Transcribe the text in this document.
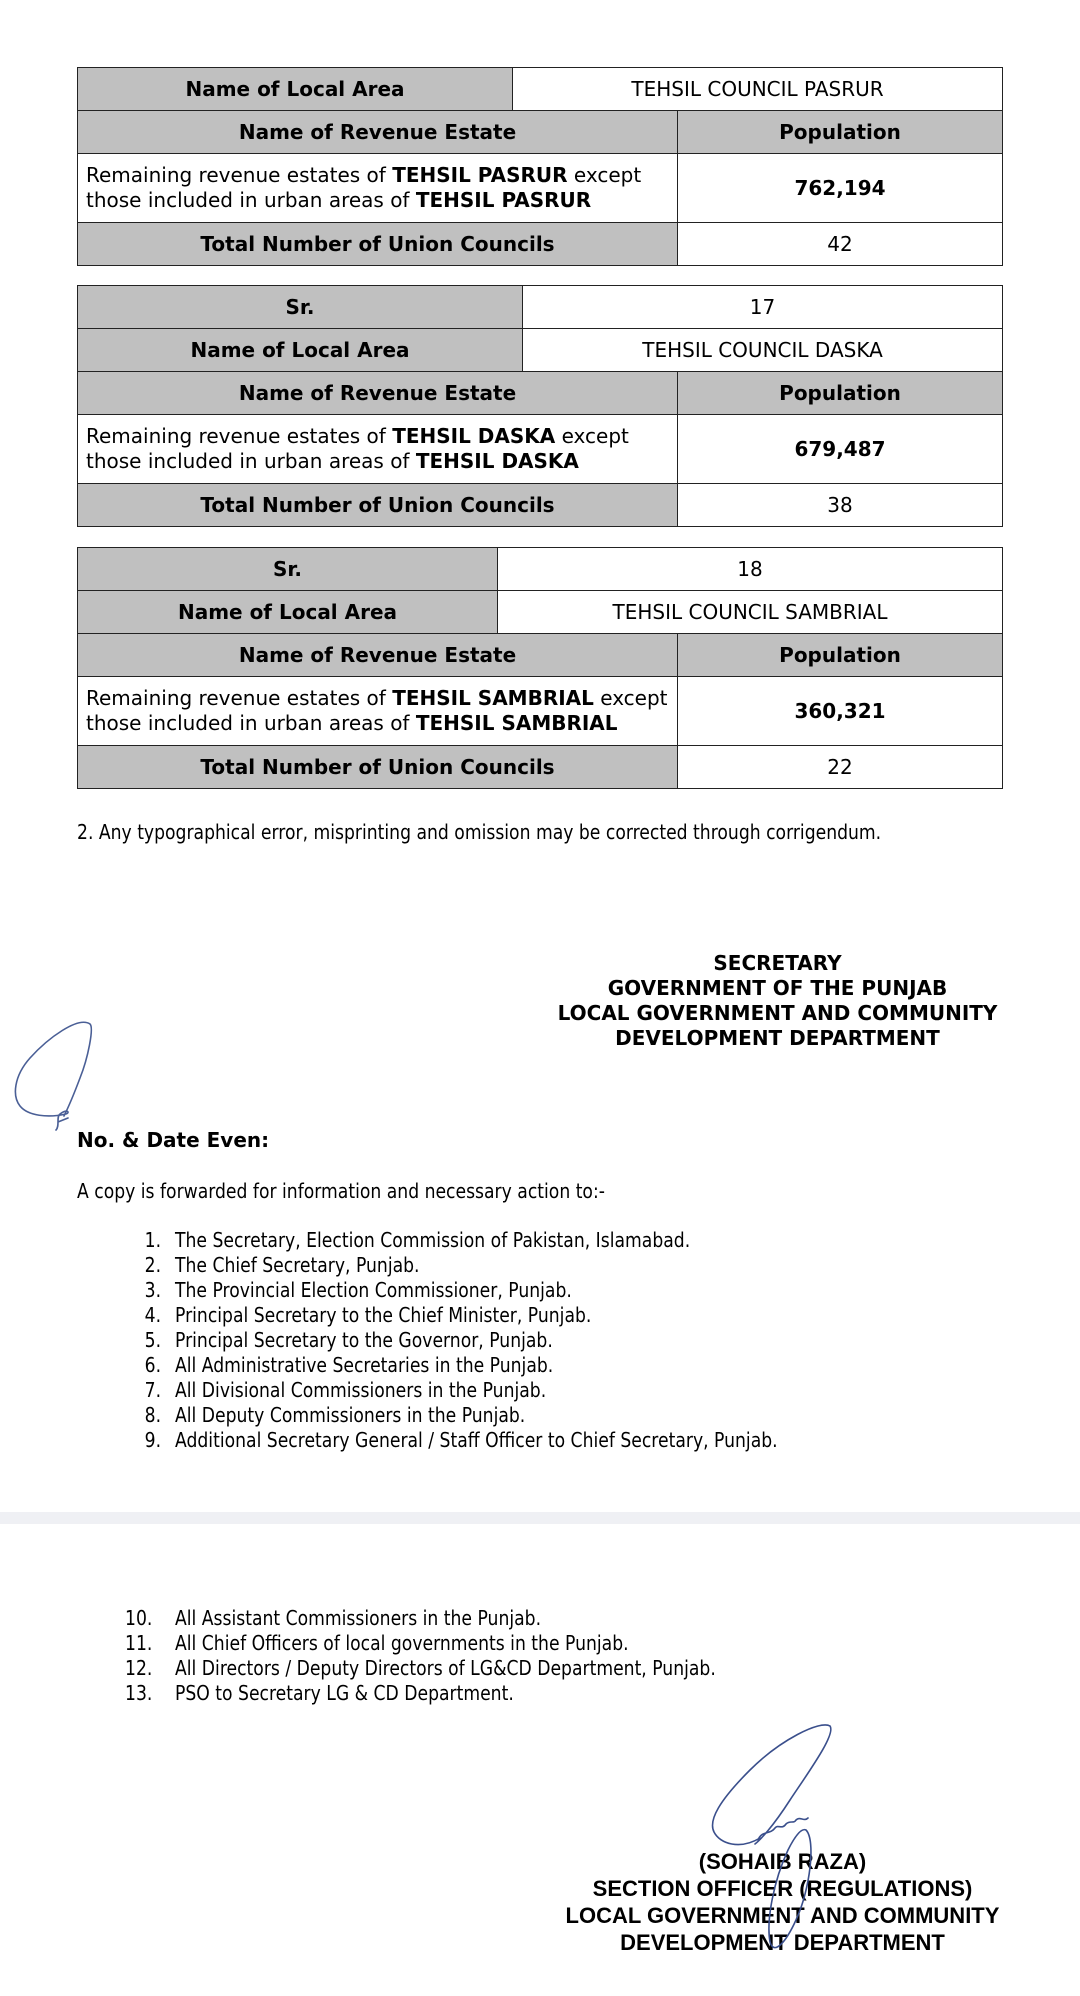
Name of Local Area	TEHSIL COUNCIL PASRUR	
Name of Revenue Estate		Population
Remaining revenue estates of TEHSIL PASRUR except those included in urban areas of TEHSIL PASRUR		762,194
Total Number of Union Councils		42
Sr.	17	
Name of Local Area	TEHSIL COUNCIL DASKA	
Name of Revenue Estate		Population
Remaining revenue estates of TEHSIL DASKA except those included in urban areas of TEHSIL DASKA		679,487
Total Number of Union Councils		38
Sr.	18	
Name of Local Area	TEHSIL COUNCIL SAMBRIAL	
Name of Revenue Estate		Population
Remaining revenue estates of TEHSIL SAMBRIAL except those included in urban areas of TEHSIL SAMBRIAL		360,321
Total Number of Union Councils		22
2. Any typographical error, misprinting and omission may be corrected through corrigendum.
SECRETARY
GOVERNMENT OF THE PUNJAB
LOCAL GOVERNMENT AND COMMUNITY
DEVELOPMENT DEPARTMENT
No. & Date Even:
A copy is forwarded for information and necessary action to:-
1. The Secretary, Election Commission of Pakistan, Islamabad.
2. The Chief Secretary, Punjab.
3. The Provincial Election Commissioner, Punjab.
4. Principal Secretary to the Chief Minister, Punjab.
5. Principal Secretary to the Governor, Punjab.
6. All Administrative Secretaries in the Punjab.
7. All Divisional Commissioners in the Punjab.
8. All Deputy Commissioners in the Punjab.
9. Additional Secretary General / Staff Officer to Chief Secretary, Punjab.
10. All Assistant Commissioners in the Punjab.
11. All Chief Officers of local governments in the Punjab.
12. All Directors / Deputy Directors of LG&CD Department, Punjab.
13. PSO to Secretary LG & CD Department.
(SOHAIB RAZA)
SECTION OFFICER (REGULATIONS)
LOCAL GOVERNMENT AND COMMUNITY
DEVELOPMENT DEPARTMENT
